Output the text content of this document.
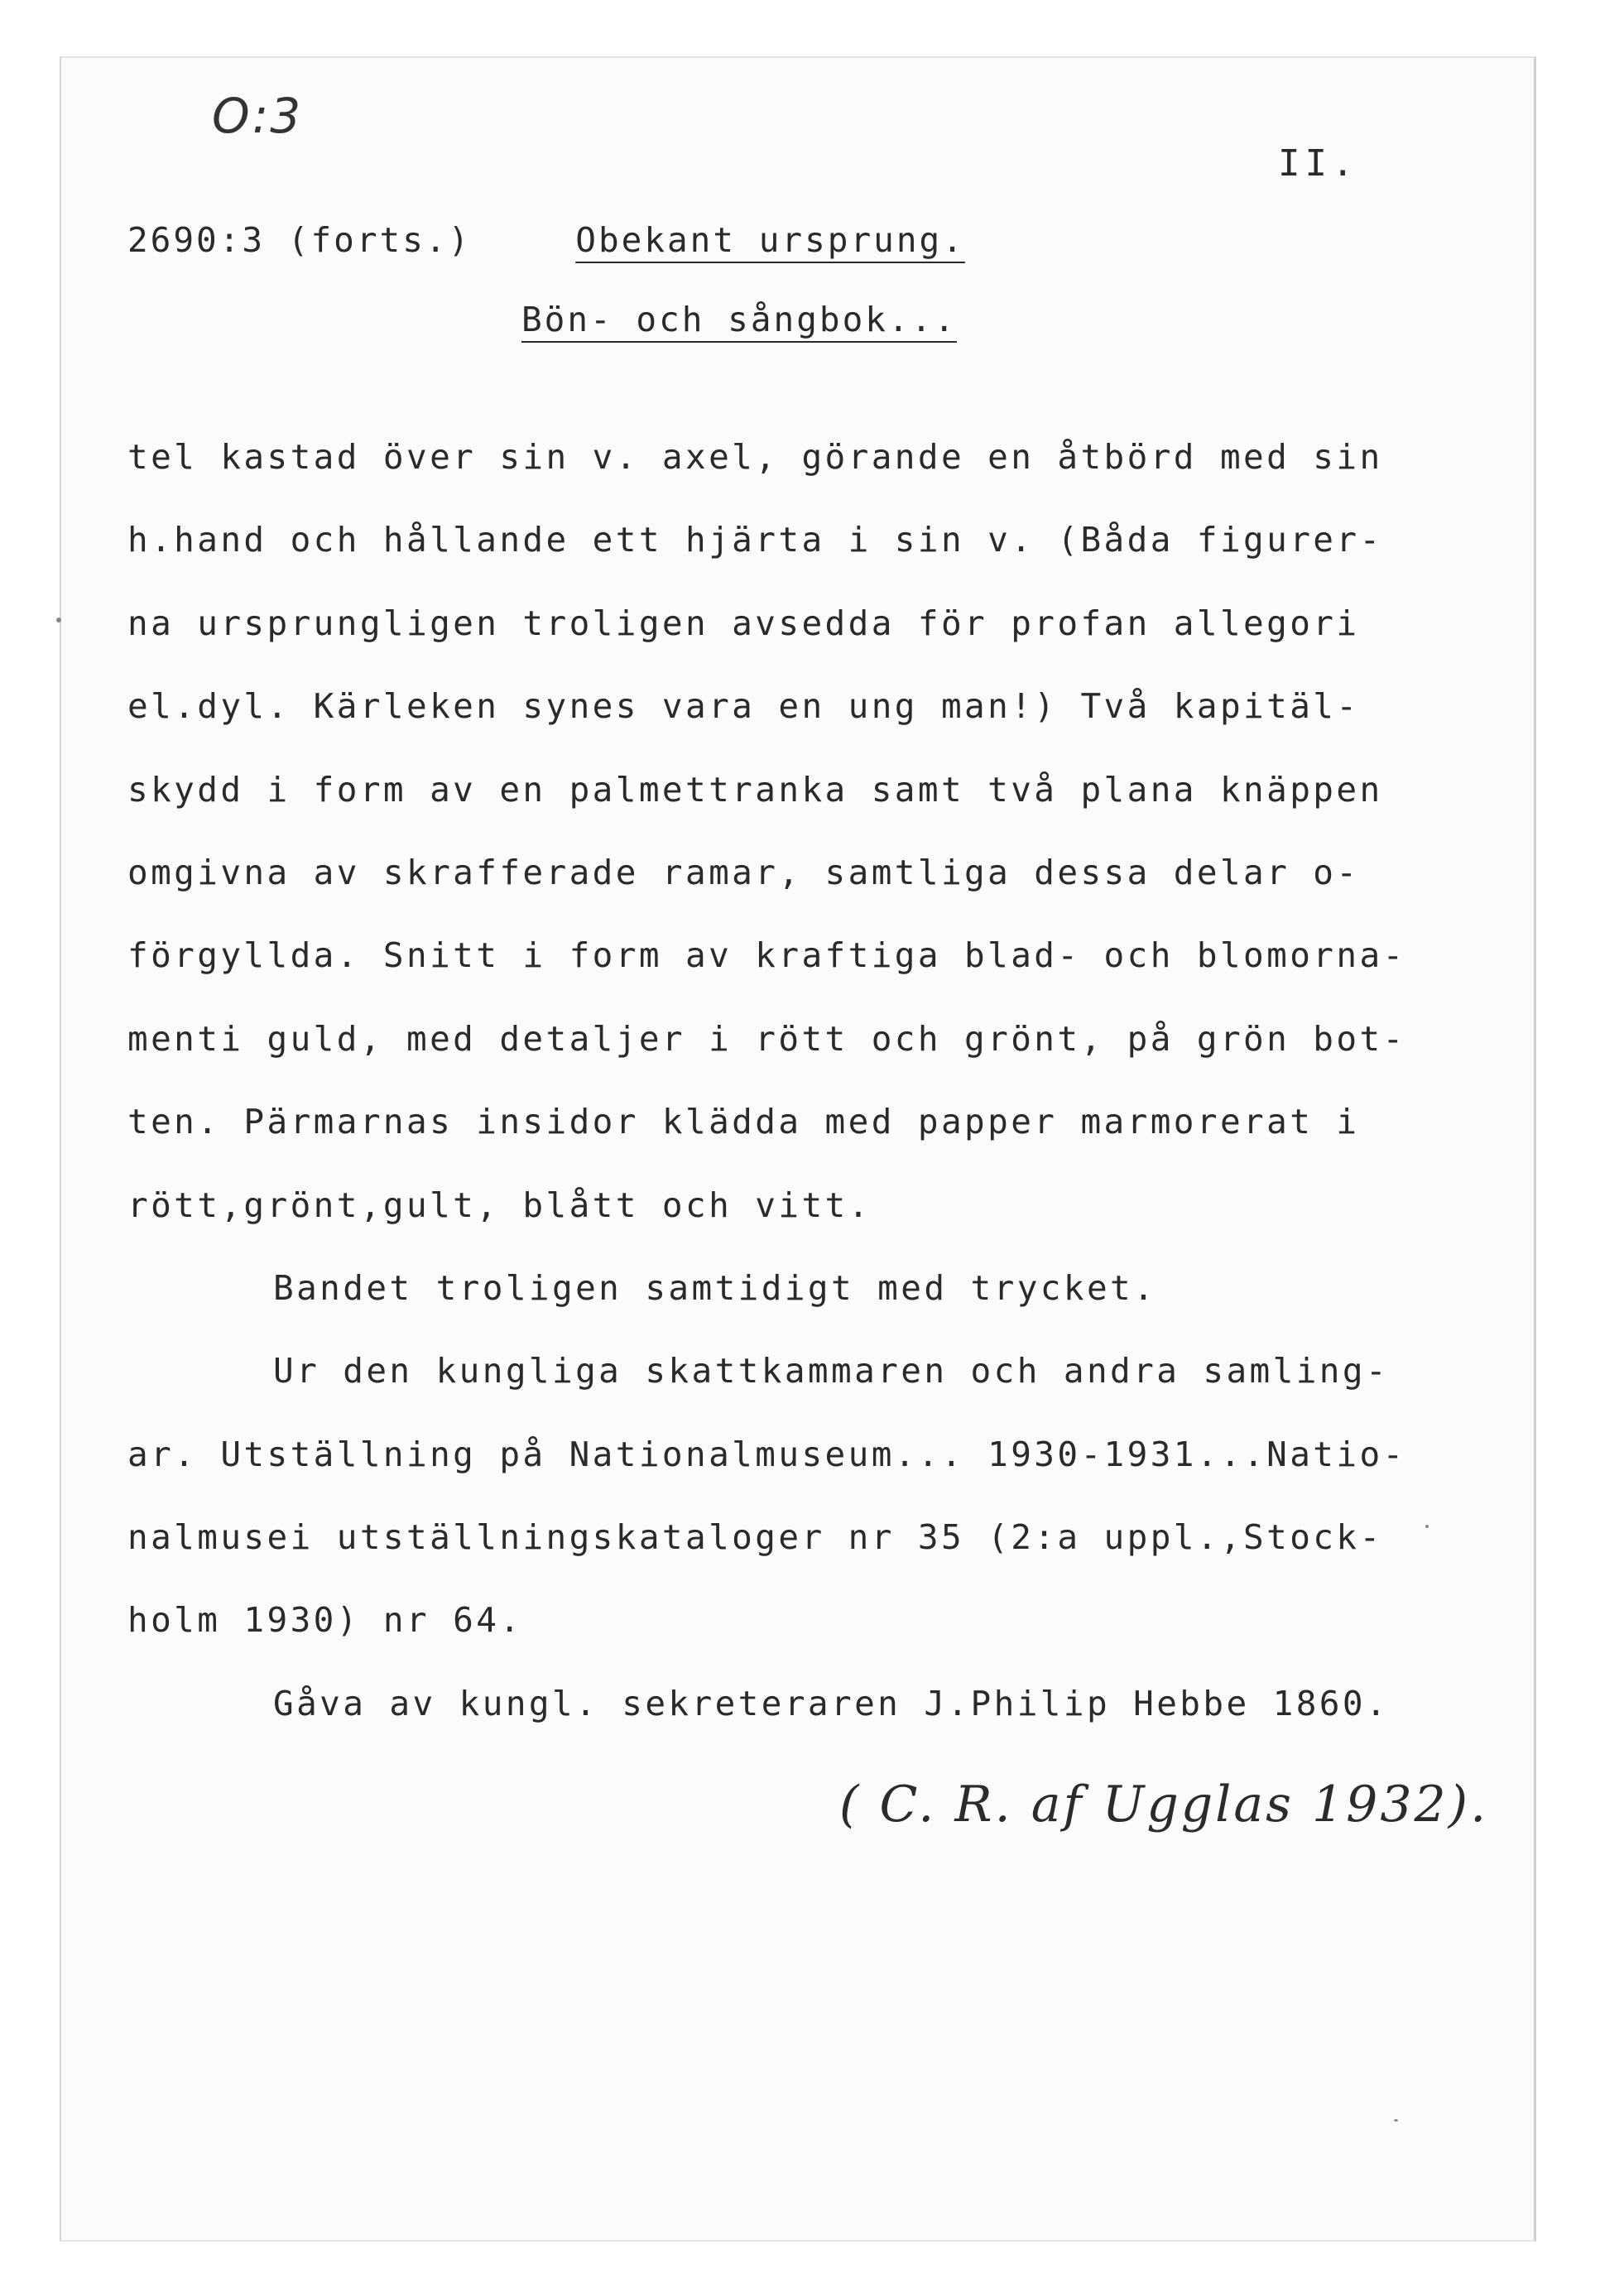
O:3
II.
2690:3 (forts.)	Obekant ursprung.
Bön- och sångbok...
tel kastad över sin v. axel, görande en åtbörd med sin
h.hand och hållande ett hjärta i sin v. (Båda figurer-
na ursprungligen troligen avsedda för profan allegori
el.dyl. Kärleken synes vara en ung man!) Två kapitäl-
skydd i form av en palmettranka samt två plana knäppen
omgivna av skrafferade ramar, samtliga dessa delar o-
förgyllda. Snitt i form av kraftiga blad- och blomorna-
menti guld, med detaljer i rött och grönt, på grön bot-
ten. Pärmarnas insidor klädda med papper marmorerat i
rött,grönt,gult, blått och vitt.
Bandet troligen samtidigt med trycket.
Ur den kungliga skattkammaren och andra samling-
ar. Utställning på Nationalmuseum... 1930-1931...Natio-
nalmusei utställningskataloger nr 35 (2:a uppl.,Stock-
holm 1930) nr 64.
Gåva av kungl. sekreteraren J.Philip Hebbe 1860.
( C. R. af Ugglas 1932).
